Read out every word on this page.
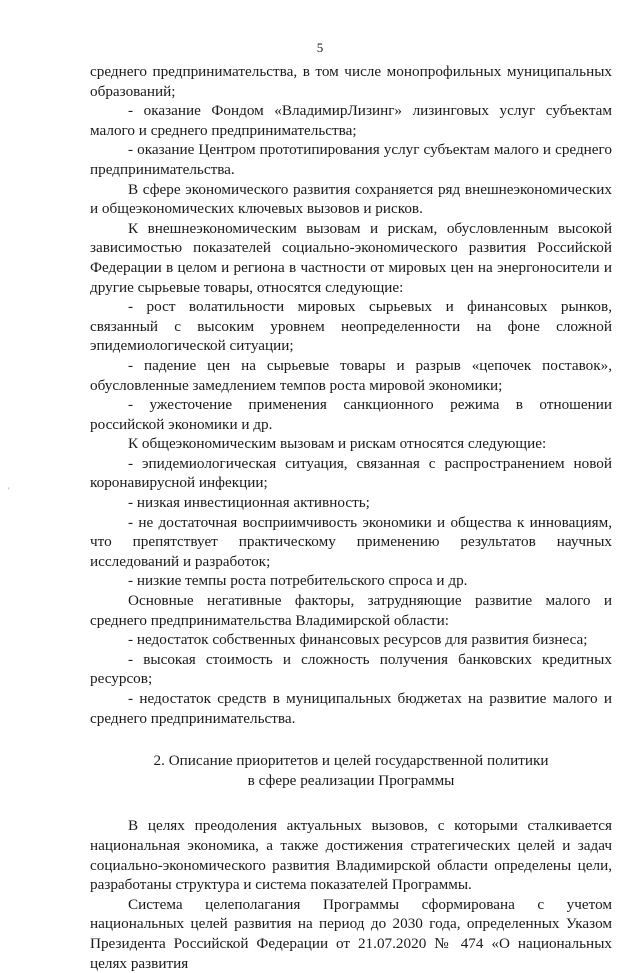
5
'

среднего предпринимательства, в том числе монопрофильных муниципальных образований;

- оказание Фондом «ВладимирЛизинг» лизинговых услуг субъектам малого и среднего предпринимательства;

- оказание Центром прототипирования услуг субъектам малого и среднего предпринимательства.

В сфере экономического развития сохраняется ряд внешнеэкономических и общеэкономических ключевых вызовов и рисков.

К внешнеэкономическим вызовам и рискам, обусловленным высокой зависимостью показателей социально-экономического развития Российской Федерации в целом и региона в частности от мировых цен на энергоносители и другие сырьевые товары, относятся следующие:

- рост волатильности мировых сырьевых и финансовых рынков, связанный с высоким уровнем неопределенности на фоне сложной эпидемиологической ситуации;

- падение цен на сырьевые товары и разрыв «цепочек поставок», обусловленные замедлением темпов роста мировой экономики;

- ужесточение применения санкционного режима в отношении российской экономики и др.

К общеэкономическим вызовам и рискам относятся следующие:

- эпидемиологическая ситуация, связанная с распространением новой коронавирусной инфекции;

- низкая инвестиционная активность;

- не достаточная восприимчивость экономики и общества к инновациям,

что препятствует практическому применению результатов научных

исследований и разработок;

- низкие темпы роста потребительского спроса и др.

Основные негативные факторы, затрудняющие развитие малого и среднего предпринимательства Владимирской области:

- недостаток собственных финансовых ресурсов для развития бизнеса;

- высокая стоимость и сложность получения банковских кредитных ресурсов;

- недостаток средств в муниципальных бюджетах на развитие малого и среднего предпринимательства.

2. Описание приоритетов и целей государственной политики
в сфере реализации Программы

В целях преодоления актуальных вызовов, с которыми сталкивается национальная экономика, а также достижения стратегических целей и задач социально-экономического развития Владимирской области определены цели, разработаны структура и система показателей Программы.

Система целеполагания Программы сформирована с учетом национальных целей развития на период до 2030 года, определенных Указом Президента Российской Федерации от 21.07.2020 № 474 «О национальных целях развития
